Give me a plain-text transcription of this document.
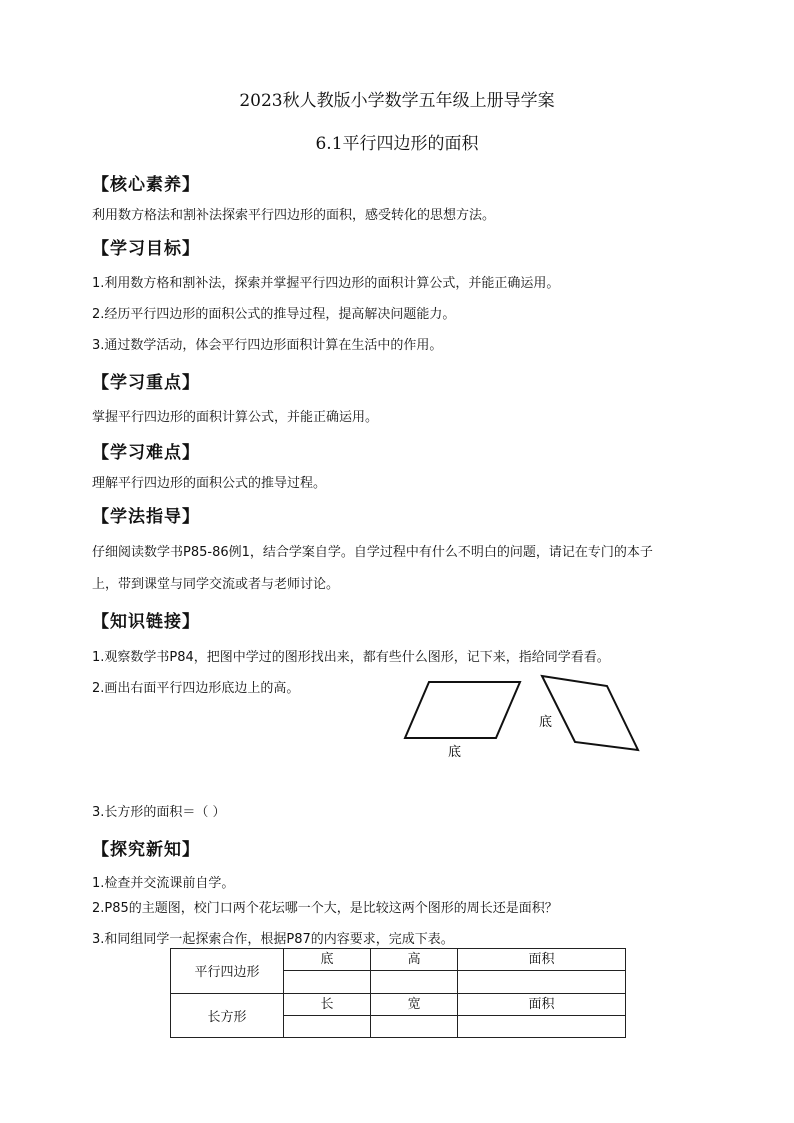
2023秋人教版小学数学五年级上册导学案
6.1平行四边形的面积
【核心素养】
利用数方格法和割补法探索平行四边形的面积，感受转化的思想方法。
【学习目标】
1.利用数方格和割补法，探索并掌握平行四边形的面积计算公式，并能正确运用。
2.经历平行四边形的面积公式的推导过程，提高解决问题能力。
3.通过数学活动，体会平行四边形面积计算在生活中的作用。
【学习重点】
掌握平行四边形的面积计算公式，并能正确运用。
【学习难点】
理解平行四边形的面积公式的推导过程。
【学法指导】
仔细阅读数学书P85-86例1，结合学案自学。自学过程中有什么不明白的问题，请记在专门的本子
上，带到课堂与同学交流或者与老师讨论。
【知识链接】
1.观察数学书P84，把图中学过的图形找出来，都有些什么图形，记下来，指给同学看看。
2.画出右面平行四边形底边上的高。
底
底
3.长方形的面积＝（ ）
【探究新知】
1.检查并交流课前自学。
2.P85的主题图，校门口两个花坛哪一个大，是比较这两个图形的周长还是面积？
3.和同组同学一起探索合作，根据P87的内容要求，完成下表。
平行四边形	底	高	面积

长方形	长	宽	面积
